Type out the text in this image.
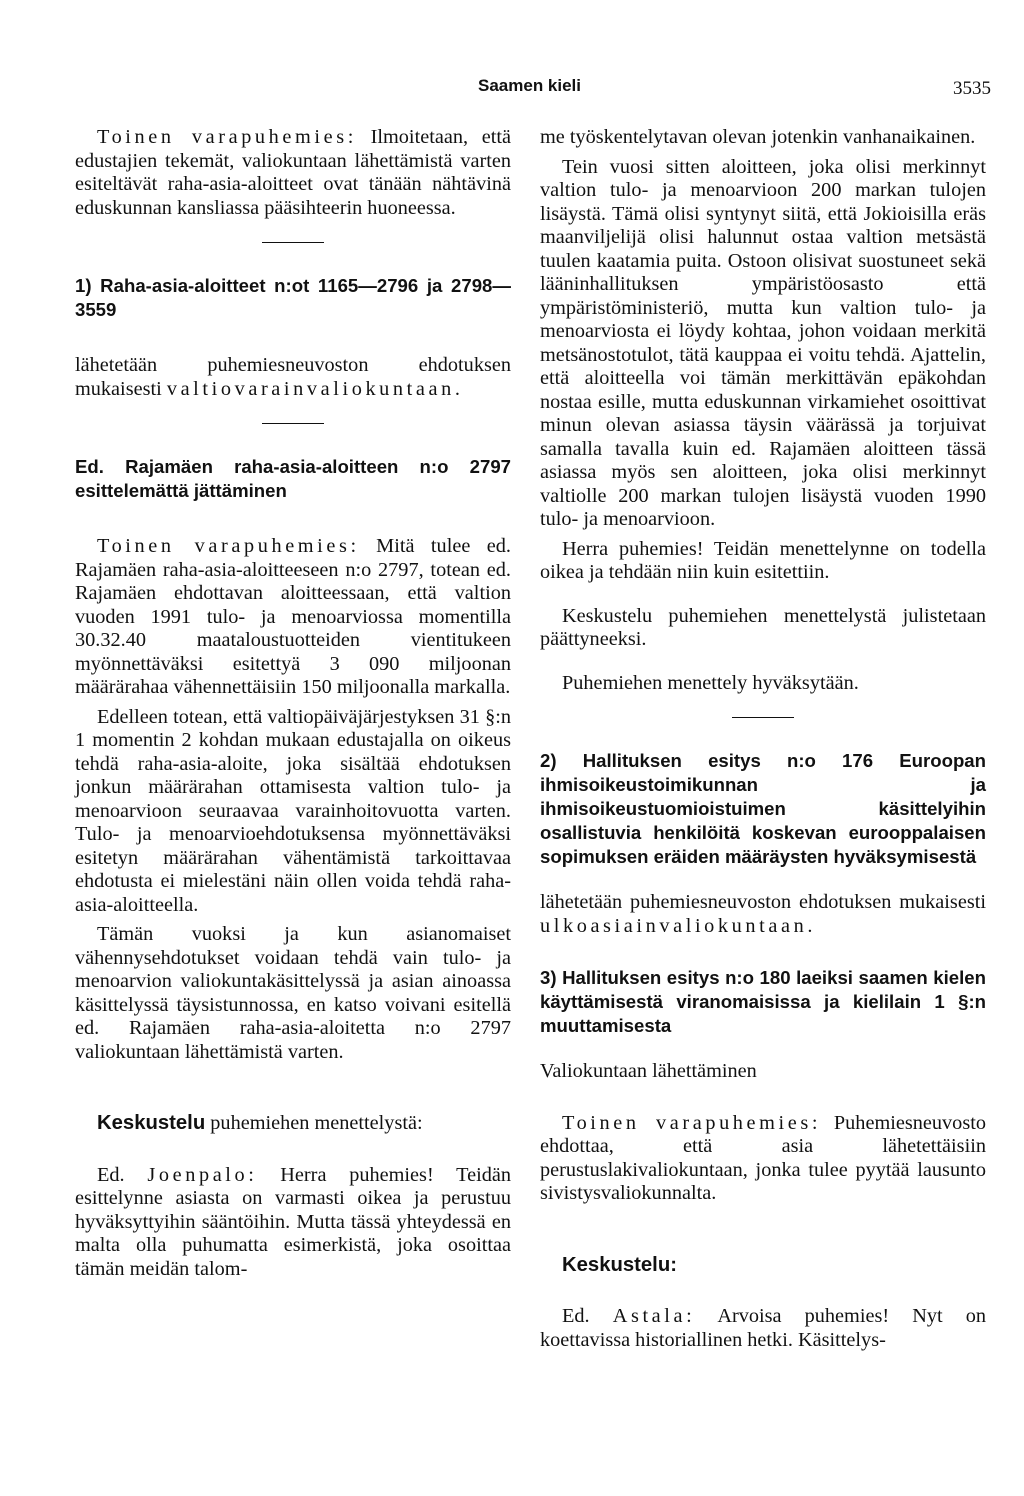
Saamen kieli	3535

Toinen varapuhemies: Ilmoitetaan, että edustajien tekemät, valiokuntaan lähettämistä varten esiteltävät raha-asia-aloitteet ovat tänään nähtävinä eduskunnan kansliassa pääsihteerin huoneessa.

1) Raha-asia-aloitteet n:ot 1165—2796 ja 2798—3559

lähetetään puhemiesneuvoston ehdotuksen mukaisesti valtiovarainvaliokuntaan.

Ed. Rajamäen raha-asia-aloitteen n:o 2797 esittelemättä jättäminen

Toinen varapuhemies: Mitä tulee ed. Rajamäen raha-asia-aloitteeseen n:o 2797, totean ed. Rajamäen ehdottavan aloitteessaan, että valtion vuoden 1991 tulo- ja menoarviossa momentilla 30.32.40 maataloustuotteiden vientitukeen myönnettäväksi esitettyä 3 090 miljoonan määrärahaa vähennettäisiin 150 miljoonalla markalla.

Edelleen totean, että valtiopäiväjärjestyksen 31 §:n 1 momentin 2 kohdan mukaan edustajalla on oikeus tehdä raha-asia-aloite, joka sisältää ehdotuksen jonkun määrärahan ottamisesta valtion tulo- ja menoarvioon seuraavaa varainhoitovuotta varten. Tulo- ja menoarvioehdotuksensa myönnettäväksi esitetyn määrärahan vähentämistä tarkoittavaa ehdotusta ei mielestäni näin ollen voida tehdä raha-asia-aloitteella.

Tämän vuoksi ja kun asianomaiset vähennysehdotukset voidaan tehdä vain tulo- ja menoarvion valiokuntakäsittelyssä ja asian ainoassa käsittelyssä täysistunnossa, en katso voivani esitellä ed. Rajamäen raha-asia-aloitetta n:o 2797 valiokuntaan lähettämistä varten.

Keskustelu puhemiehen menettelystä:

Ed. Joenpalo: Herra puhemies! Teidän esittelynne asiasta on varmasti oikea ja perustuu hyväksyttyihin sääntöihin. Mutta tässä yhteydessä en malta olla puhumatta esimerkistä, joka osoittaa tämän meidän talom-

me työskentelytavan olevan jotenkin vanhanaikainen.

Tein vuosi sitten aloitteen, joka olisi merkinnyt valtion tulo- ja menoarvioon 200 markan tulojen lisäystä. Tämä olisi syntynyt siitä, että Jokioisilla eräs maanviljelijä olisi halunnut ostaa valtion metsästä tuulen kaatamia puita. Ostoon olisivat suostuneet sekä lääninhallituksen ympäristöosasto että ympäristöministeriö, mutta kun valtion tulo- ja menoarviosta ei löydy kohtaa, johon voidaan merkitä metsänostotulot, tätä kauppaa ei voitu tehdä. Ajattelin, että aloitteella voi tämän merkittävän epäkohdan nostaa esille, mutta eduskunnan virkamiehet osoittivat minun olevan asiassa täysin väärässä ja torjuivat samalla tavalla kuin ed. Rajamäen aloitteen tässä asiassa myös sen aloitteen, joka olisi merkinnyt valtiolle 200 markan tulojen lisäystä vuoden 1990 tulo- ja menoarvioon.

Herra puhemies! Teidän menettelynne on todella oikea ja tehdään niin kuin esitettiin.

Keskustelu puhemiehen menettelystä julistetaan päättyneeksi.

Puhemiehen menettely hyväksytään.

2) Hallituksen esitys n:o 176 Euroopan ihmisoikeustoimikunnan ja ihmisoikeustuomioistuimen käsittelyihin osallistuvia henkilöitä koskevan eurooppalaisen sopimuksen eräiden määräysten hyväksymisestä

lähetetään puhemiesneuvoston ehdotuksen mukaisesti ulkoasiainvaliokuntaan.

3) Hallituksen esitys n:o 180 laeiksi saamen kielen käyttämisestä viranomaisissa ja kielilain 1 §:n muuttamisesta

Valiokuntaan lähettäminen

Toinen varapuhemies: Puhemiesneuvosto ehdottaa, että asia lähetettäisiin perustuslakivaliokuntaan, jonka tulee pyytää lausunto sivistysvaliokunnalta.

Keskustelu:

Ed. Astala: Arvoisa puhemies! Nyt on koettavissa historiallinen hetki. Käsittelys-
